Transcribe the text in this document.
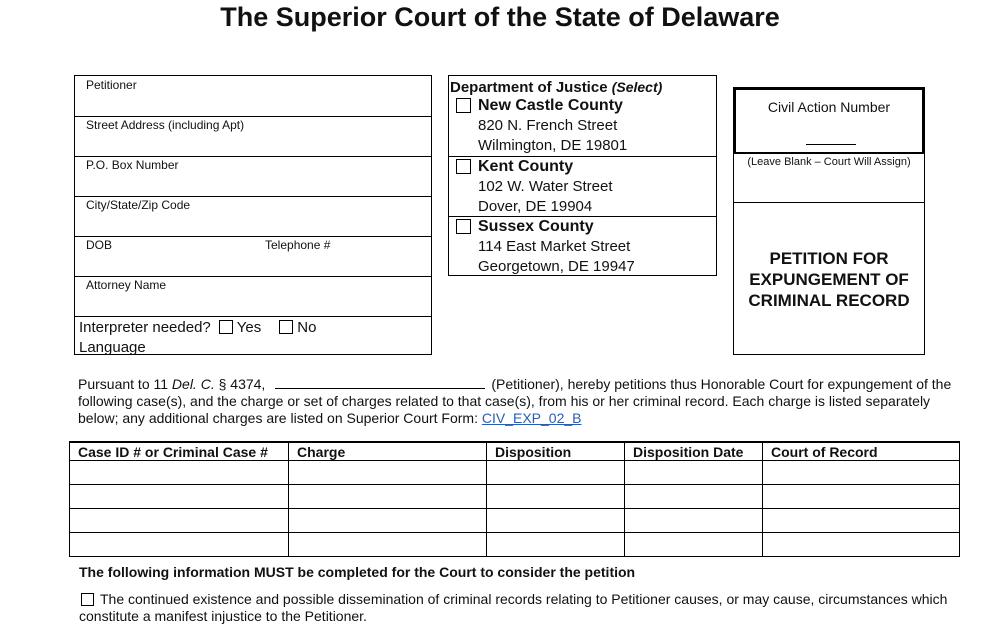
The Superior Court of the State of Delaware
Petitioner
Street Address (including Apt)
P.O. Box Number
City/State/Zip Code
DOB	Telephone #
Attorney Name
Interpreter needed? Yes No
Language
Department of Justice (Select)
New Castle County
820 N. French Street
Wilmington, DE 19801
Kent County
102 W. Water Street
Dover, DE 19904
Sussex County
114 East Market Street
Georgetown, DE 19947
Civil Action Number
(Leave Blank – Court Will Assign)
PETITION FOR
EXPUNGEMENT OF
CRIMINAL RECORD
Pursuant to 11 Del. C. § 4374,	(Petitioner), hereby petitions thus Honorable Court for expungement of the following case(s), and the charge or set of charges related to that case(s), from his or her criminal record. Each charge is listed separately below; any additional charges are listed on Superior Court Form: CIV_EXP_02_B
Case ID # or Criminal Case #	Charge	Disposition	Disposition Date	Court of Record

The following information MUST be completed for the Court to consider the petition
The continued existence and possible dissemination of criminal records relating to Petitioner causes, or may cause, circumstances which constitute a manifest injustice to the Petitioner.
